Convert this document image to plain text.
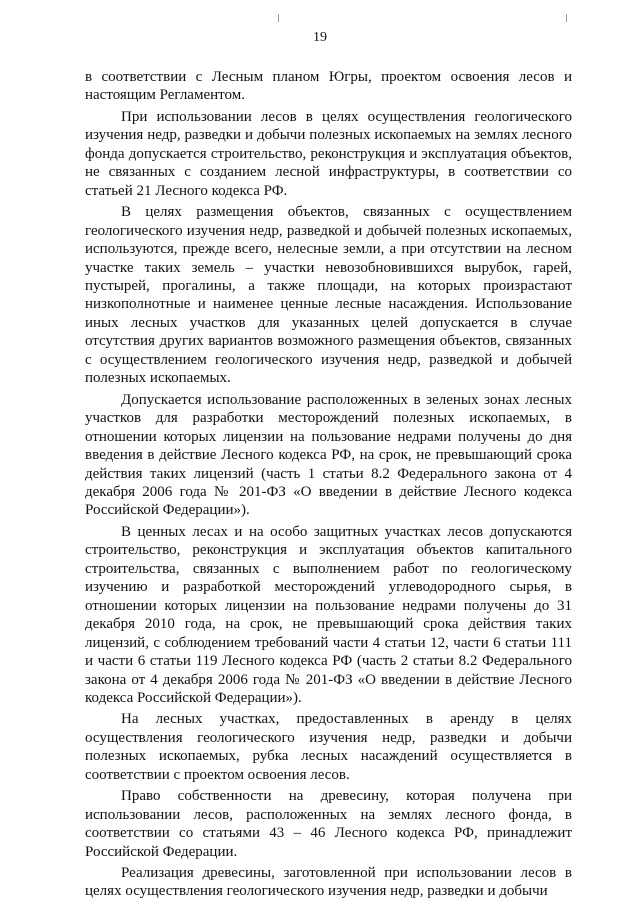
19

в соответствии с Лесным планом Югры, проектом освоения лесов и настоящим Регламентом.

При использовании лесов в целях осуществления геологического изучения недр, разведки и добычи полезных ископаемых на землях лесного фонда допускается строительство, реконструкция и эксплуатация объектов, не связанных с созданием лесной инфраструктуры, в соответствии со статьей 21 Лесного кодекса РФ.

В целях размещения объектов, связанных с осуществлением геологического изучения недр, разведкой и добычей полезных ископаемых, используются, прежде всего, нелесные земли, а при отсутствии на лесном участке таких земель – участки невозобновившихся вырубок, гарей, пустырей, прогалины, а также площади, на которых произрастают низкополнотные и наименее ценные лесные насаждения. Использование иных лесных участков для указанных целей допускается в случае отсутствия других вариантов возможного размещения объектов, связанных с осуществлением геологического изучения недр, разведкой и добычей полезных ископаемых.

Допускается использование расположенных в зеленых зонах лесных участков для разработки месторождений полезных ископаемых, в отношении которых лицензии на пользование недрами получены до дня введения в действие Лесного кодекса РФ, на срок, не превышающий срока действия таких лицензий (часть 1 статьи 8.2 Федерального закона от 4 декабря 2006 года № 201-ФЗ «О введении в действие Лесного кодекса Российской Федерации»).

В ценных лесах и на особо защитных участках лесов допускаются строительство, реконструкция и эксплуатация объектов капитального строительства, связанных с выполнением работ по геологическому изучению и разработкой месторождений углеводородного сырья, в отношении которых лицензии на пользование недрами получены до 31 декабря 2010 года, на срок, не превышающий срока действия таких лицензий, с соблюдением требований части 4 статьи 12, части 6 статьи 111 и части 6 статьи 119 Лесного кодекса РФ (часть 2 статьи 8.2 Федерального закона от 4 декабря 2006 года № 201-ФЗ «О введении в действие Лесного кодекса Российской Федерации»).

На лесных участках, предоставленных в аренду в целях осуществления геологического изучения недр, разведки и добычи полезных ископаемых, рубка лесных насаждений осуществляется в соответствии с проектом освоения лесов.

Право собственности на древесину, которая получена при использовании лесов, расположенных на землях лесного фонда, в соответствии со статьями 43 – 46 Лесного кодекса РФ, принадлежит Российской Федерации.

Реализация древесины, заготовленной при использовании лесов в целях осуществления геологического изучения недр, разведки и добычи
